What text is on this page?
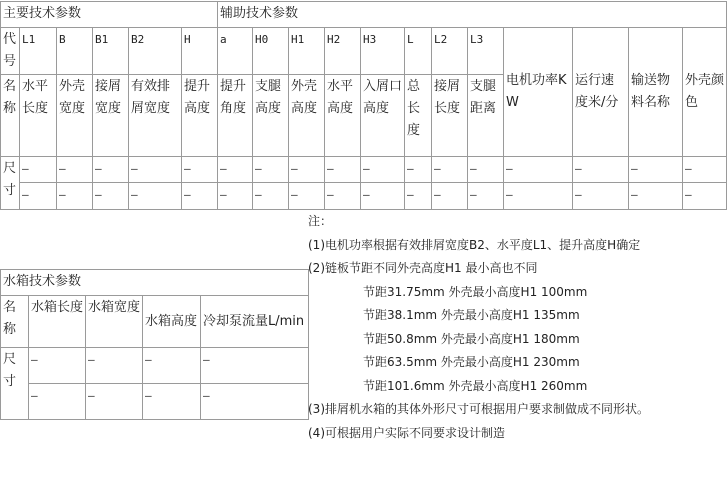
主要技术参数						辅助技术参数											
代号	L1	B	B1	B2	H	a	H0	H1	H2	H3	L	L2	L3	电机功率KW	运行速度米/分	输送物料名称	外壳颜色
名称	水平长度	外壳宽度	接屑宽度	有效排屑宽度	提升高度	提升角度	支腿高度	外壳高度	水平高度	入屑口高度	总长度	接屑长度	支腿距离				
尺寸	–	–	–	–	–	–	–	–	–	–	–	–	–	–	–	–	–
	–	–	–	–	–	–	–	–	–	–	–	–	–	–	–	–	–
水箱技术参数				
名称	水箱长度	水箱宽度	水箱高度	冷却泵流量L/min
尺寸	–	–	–	–
	–	–	–	–
注：
(1)电机功率根据有效排屑宽度B2、水平度L1、提升高度H确定
(2)链板节距不同外壳高度H1 最小高也不同
节距31.75mm 外壳最小高度H1 100mm
节距38.1mm 外壳最小高度H1 135mm
节距50.8mm 外壳最小高度H1 180mm
节距63.5mm 外壳最小高度H1 230mm
节距101.6mm 外壳最小高度H1 260mm
(3)排屑机水箱的其体外形尺寸可根据用户要求制做成不同形状。
(4)可根据用户实际不同要求设计制造
